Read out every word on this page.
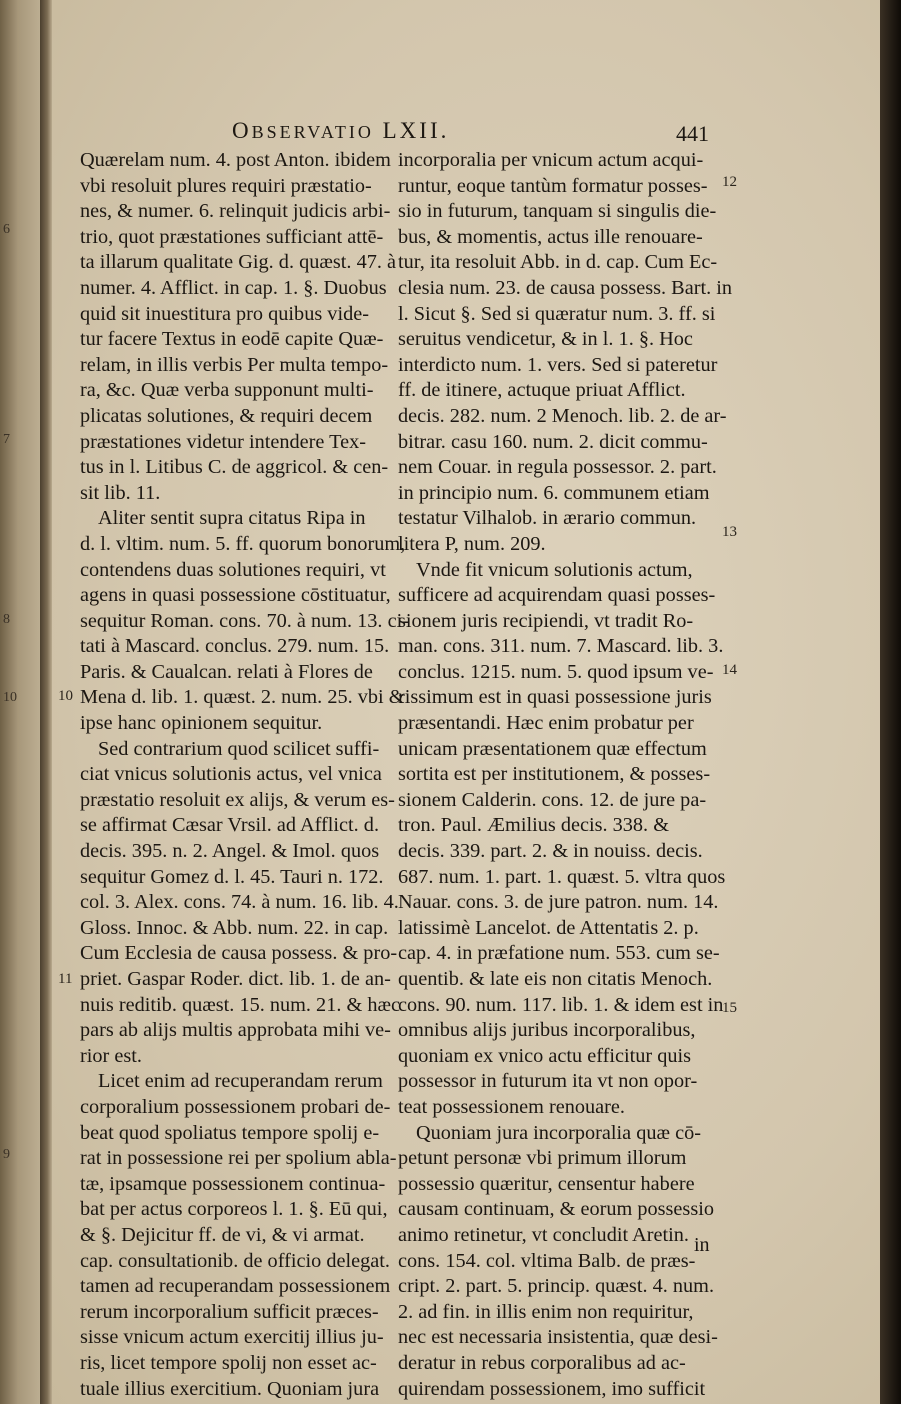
6
7
8
10
9
OBSERVATIO LXII.	441
Quærelam num. 4. post Anton. ibidem
vbi resoluit plures requiri præstatio-
nes, & numer. 6. relinquit judicis arbi-
trio, quot præstationes sufficiant attē-
ta illarum qualitate Gig. d. quæst. 47. à
numer. 4. Afflict. in cap. 1. §. Duobus
quid sit inuestitura pro quibus vide-
tur facere Textus in eodē capite Quæ-
relam, in illis verbis Per multa tempo-
ra, &c. Quæ verba supponunt multi-
plicatas solutiones, & requiri decem
præstationes videtur intendere Tex-
tus in l. Litibus C. de aggricol. & cen-
sit lib. 11.
Aliter sentit supra citatus Ripa in
d. l. vltim. num. 5. ff. quorum bonorum,
contendens duas solutiones requiri, vt
agens in quasi possessione cōstituatur,
sequitur Roman. cons. 70. à num. 13. ci-
tati à Mascard. conclus. 279. num. 15.
Paris. & Caualcan. relati à Flores de
Mena d. lib. 1. quæst. 2. num. 25. vbi &
ipse hanc opinionem sequitur.
Sed contrarium quod scilicet suffi-
ciat vnicus solutionis actus, vel vnica
præstatio resoluit ex alijs, & verum es-
se affirmat Cæsar Vrsil. ad Afflict. d.
decis. 395. n. 2. Angel. & Imol. quos
sequitur Gomez d. l. 45. Tauri n. 172.
col. 3. Alex. cons. 74. à num. 16. lib. 4.
Gloss. Innoc. & Abb. num. 22. in cap.
Cum Ecclesia de causa possess. & pro-
priet. Gaspar Roder. dict. lib. 1. de an-
nuis reditib. quæst. 15. num. 21. & hæc
pars ab alijs multis approbata mihi ve-
rior est.
Licet enim ad recuperandam rerum
corporalium possessionem probari de-
beat quod spoliatus tempore spolij e-
rat in possessione rei per spolium abla-
tæ, ipsamque possessionem continua-
bat per actus corporeos l. 1. §. Eū qui,
& §. Dejicitur ff. de vi, & vi armat.
cap. consultationib. de officio delegat.
tamen ad recuperandam possessionem
rerum incorporalium sufficit præces-
sisse vnicum actum exercitij illius ju-
ris, licet tempore spolij non esset ac-
tuale illius exercitium. Quoniam jura
incorporalia per vnicum actum acqui-
runtur, eoque tantùm formatur posses-
sio in futurum, tanquam si singulis die-
bus, & momentis, actus ille renouare-
tur, ita resoluit Abb. in d. cap. Cum Ec-
clesia num. 23. de causa possess. Bart. in
l. Sicut §. Sed si quæratur num. 3. ff. si
seruitus vendicetur, & in l. 1. §. Hoc
interdicto num. 1. vers. Sed si pateretur
ff. de itinere, actuque priuat Afflict.
decis. 282. num. 2 Menoch. lib. 2. de ar-
bitrar. casu 160. num. 2. dicit commu-
nem Couar. in regula possessor. 2. part.
in principio num. 6. communem etiam
testatur Vilhalob. in ærario commun.
litera P, num. 209.
Vnde fit vnicum solutionis actum,
sufficere ad acquirendam quasi posses-
sionem juris recipiendi, vt tradit Ro-
man. cons. 311. num. 7. Mascard. lib. 3.
conclus. 1215. num. 5. quod ipsum ve-
rissimum est in quasi possessione juris
præsentandi. Hæc enim probatur per
unicam præsentationem quæ effectum
sortita est per institutionem, & posses-
sionem Calderin. cons. 12. de jure pa-
tron. Paul. Æmilius decis. 338. &
decis. 339. part. 2. & in nouiss. decis.
687. num. 1. part. 1. quæst. 5. vltra quos
Nauar. cons. 3. de jure patron. num. 14.
latissimè Lancelot. de Attentatis 2. p.
cap. 4. in præfatione num. 553. cum se-
quentib. & late eis non citatis Menoch.
cons. 90. num. 117. lib. 1. & idem est in
omnibus alijs juribus incorporalibus,
quoniam ex vnico actu efficitur quis
possessor in futurum ita vt non opor-
teat possessionem renouare.
Quoniam jura incorporalia quæ cō-
petunt personæ vbi primum illorum
possessio quæritur, censentur habere
causam continuam, & eorum possessio
animo retinetur, vt concludit Aretin.
cons. 154. col. vltima Balb. de præs-
cript. 2. part. 5. princip. quæst. 4. num.
2. ad fin. in illis enim non requiritur,
nec est necessaria insistentia, quæ desi-
deratur in rebus corporalibus ad ac-
quirendam possessionem, imo sufficit
10
11
12
13
14
15
in
